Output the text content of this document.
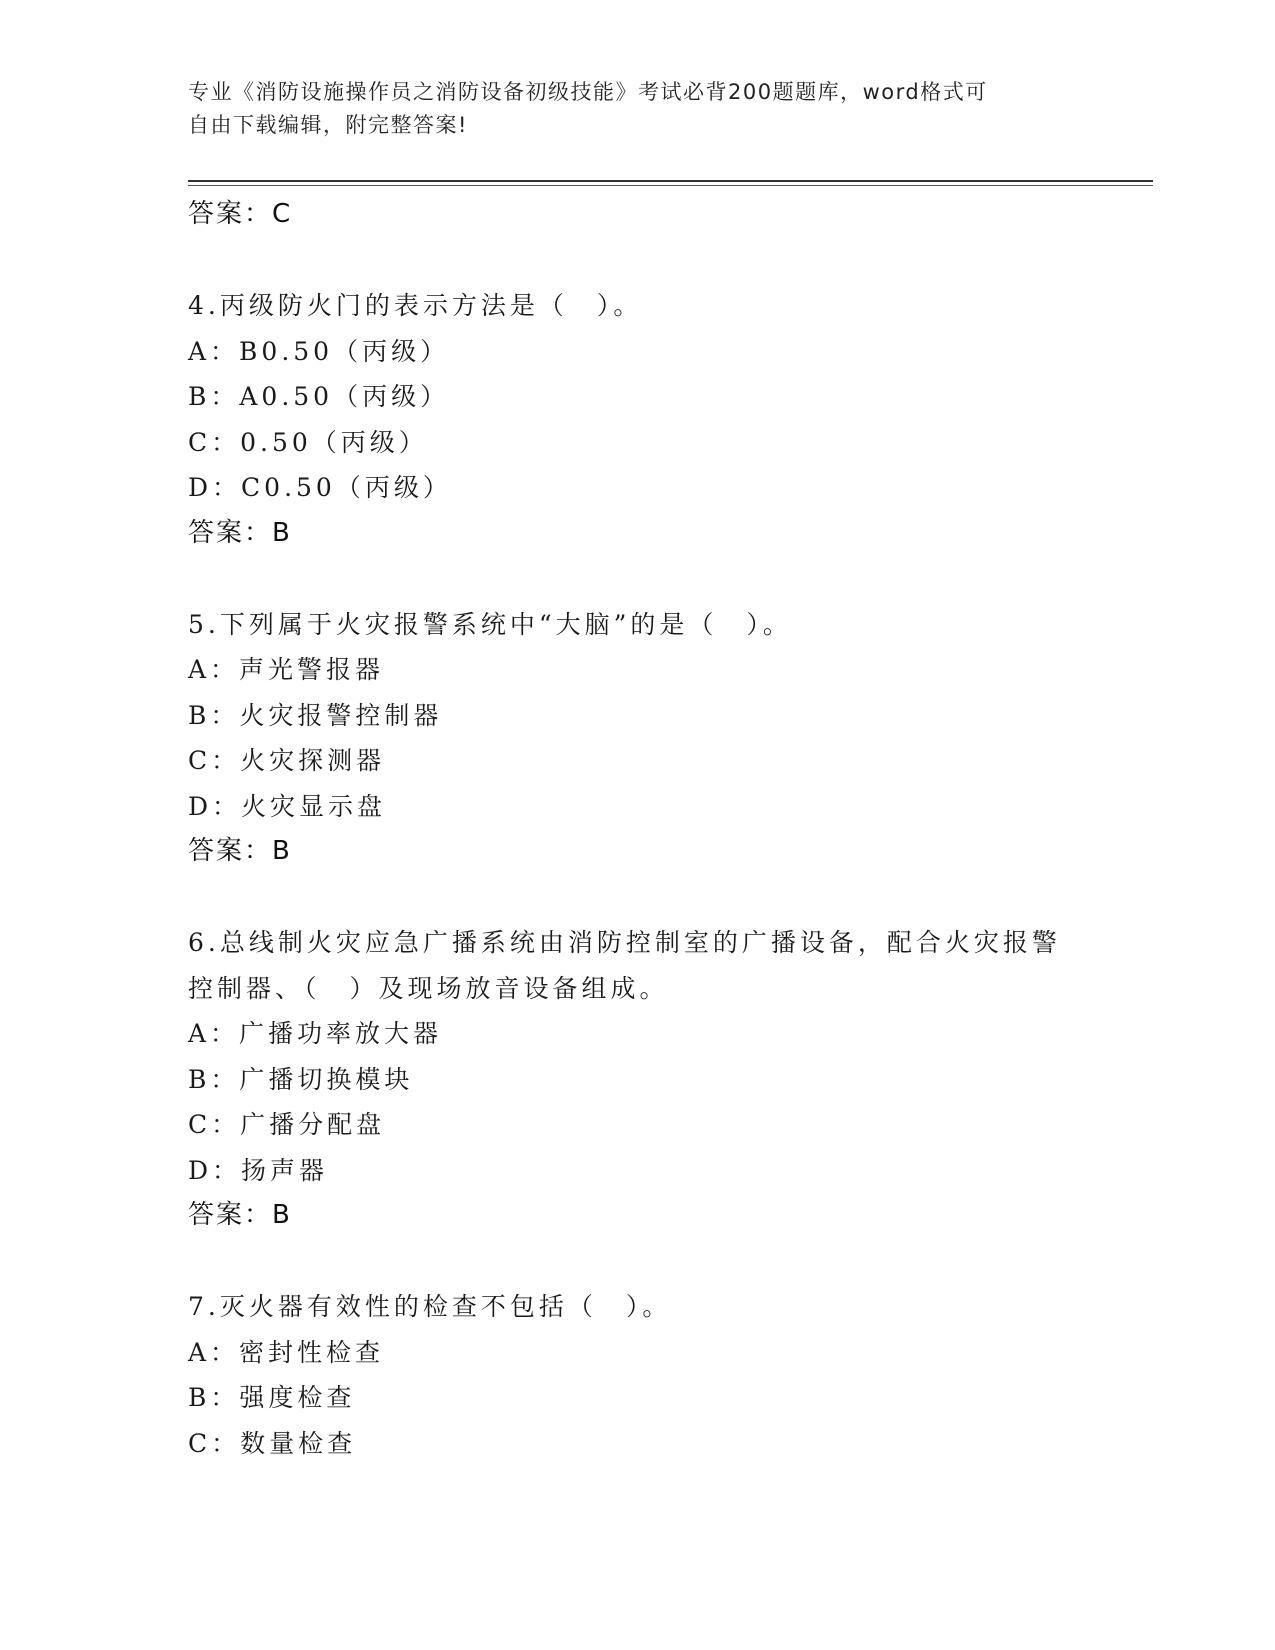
专业《消防设施操作员之消防设备初级技能》考试必背200题题库，word格式可
自由下载编辑，附完整答案!
答案：C
4.丙级防火门的表示方法是（　）。
A：B0.50（丙级）
B：A0.50（丙级）
C：0.50（丙级）
D：C0.50（丙级）
答案：B
5.下列属于火灾报警系统中“大脑”的是（　）。
A：声光警报器
B：火灾报警控制器
C：火灾探测器
D：火灾显示盘
答案：B
6.总线制火灾应急广播系统由消防控制室的广播设备，配合火灾报警
控制器、（　）及现场放音设备组成。
A：广播功率放大器
B：广播切换模块
C：广播分配盘
D：扬声器
答案：B
7.灭火器有效性的检查不包括（　）。
A：密封性检查
B：强度检查
C：数量检查
